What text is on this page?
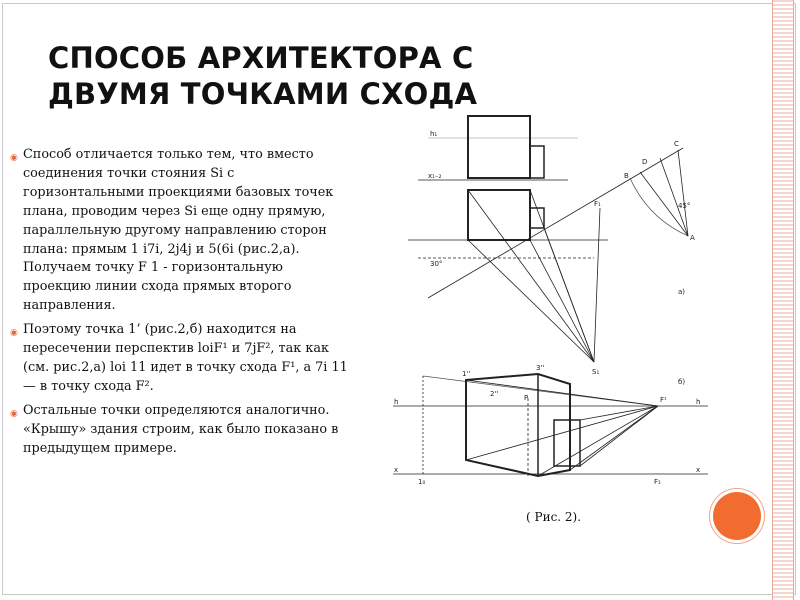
СПОСОБ АРХИТЕКТОРА С ДВУМЯ ТОЧКАМИ СХОДА
◉ Способ отличается только тем, что вместо соединения точки стояния Si с горизонтальными проекциями базовых точек плана, проводим через Si еще одну прямую, параллельную другому направлению сторон плана: прямым 1 i7i, 2j4j и 5(6i (рис.2,а). Получаем точку F 1 - горизонтальную проекцию линии схода прямых второго направления.
◉ Поэтому точка 1’ (рис.2,б) находится на пересечении перспектив loiF¹ и 7jF², так как (см. рис.2,а) loi 11 идет в точку схода F¹, а 7i 11 — в точку схода F².
◉ Остальные точки определяются аналогично. «Крышу» здания строим, как было показано в предыдущем примере.
h₁
x₁₋₂
30°
S₁
A
B
C
D
F₁	45°
а)
б)
h	h
x	x
F¹
1''
2''
3''
P
1₀	F₁
( Рис. 2).
